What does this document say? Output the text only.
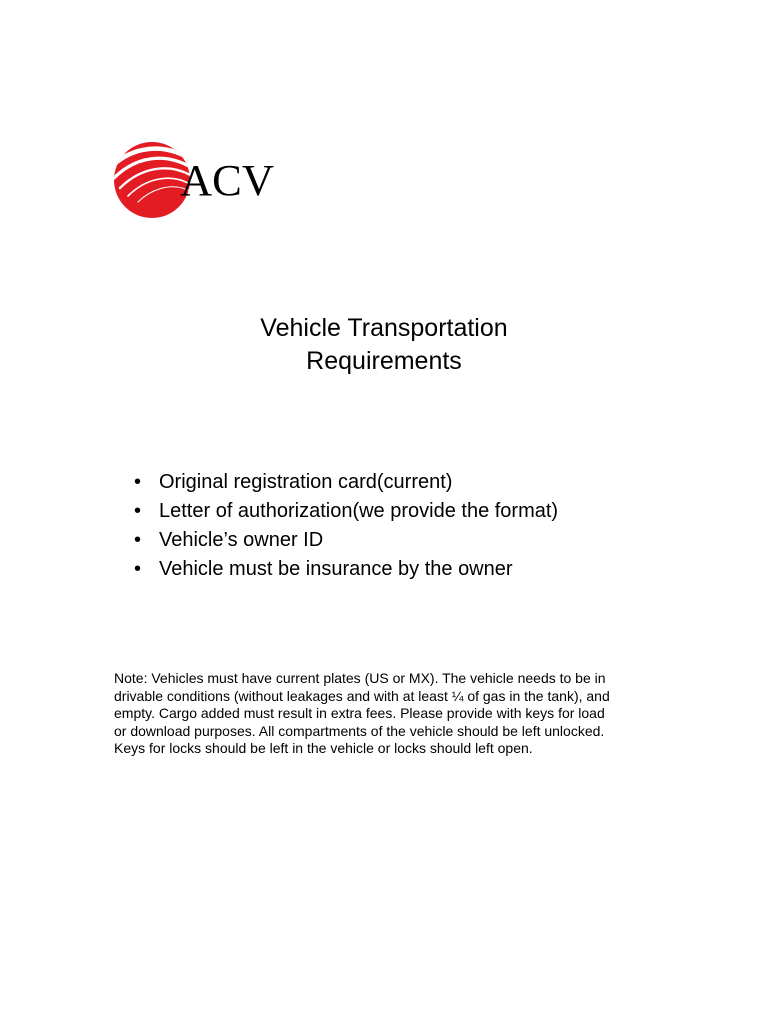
ACV
Vehicle Transportation
Requirements
• Original registration card(current)
• Letter of authorization(we provide the format)
• Vehicle’s owner ID
• Vehicle must be insurance by the owner
Note: Vehicles must have current plates (US or MX). The vehicle needs to be in
drivable conditions (without leakages and with at least ¼ of gas in the tank), and
empty. Cargo added must result in extra fees. Please provide with keys for load
or download purposes. All compartments of the vehicle should be left unlocked.
Keys for locks should be left in the vehicle or locks should left open.
